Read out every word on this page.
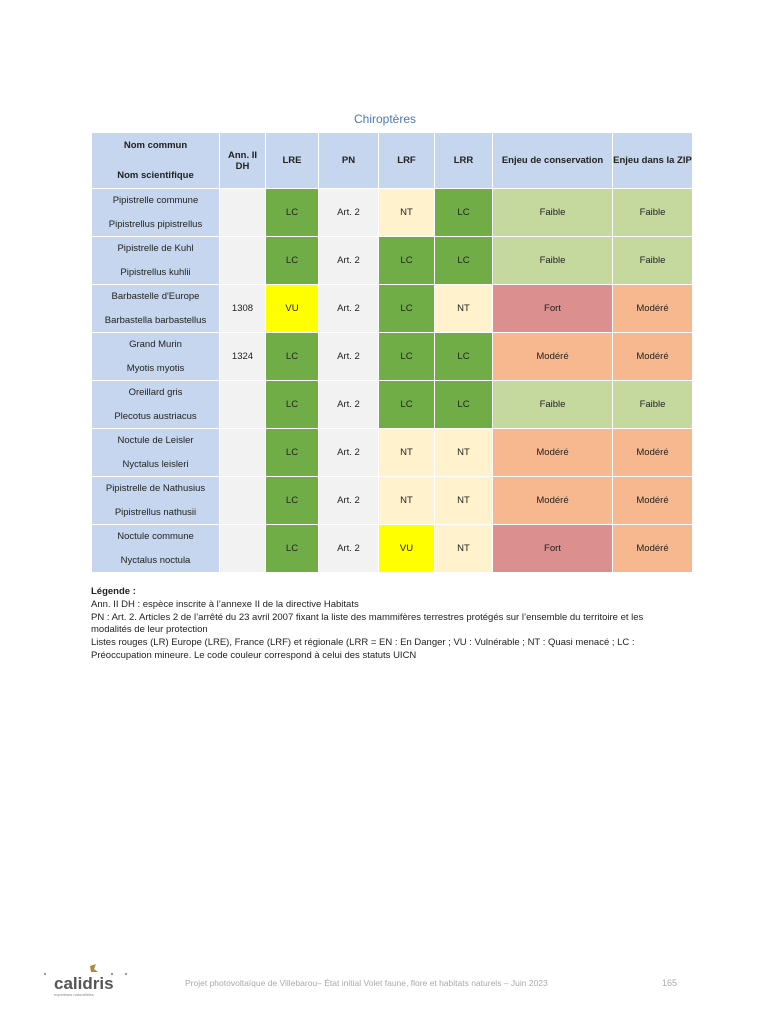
Chiroptères
Nom commun
Nom scientifique	Ann. II DH	LRE	PN	LRF	LRR	Enjeu de conservation	Enjeu dans la ZIP

Pipistrelle commune
Pipistrellus pipistrellus		LC	Art. 2	NT	LC	Faible	Faible

Pipistrelle de Kuhl
Pipistrellus kuhlii		LC	Art. 2	LC	LC	Faible	Faible

Barbastelle d'Europe
Barbastella barbastellus	1308	VU	Art. 2	LC	NT	Fort	Modéré

Grand Murin
Myotis myotis	1324	LC	Art. 2	LC	LC	Modéré	Modéré

Oreillard gris
Plecotus austriacus		LC	Art. 2	LC	LC	Faible	Faible

Noctule de Leisler
Nyctalus leisleri		LC	Art. 2	NT	NT	Modéré	Modéré

Pipistrelle de Nathusius
Pipistrellus nathusii		LC	Art. 2	NT	NT	Modéré	Modéré

Noctule commune
Nyctalus noctula		LC	Art. 2	VU	NT	Fort	Modéré
Légende :

Ann. II DH : espèce inscrite à l’annexe II de la directive Habitats

PN : Art. 2. Articles 2 de l’arrêté du 23 avril 2007 fixant la liste des mammifères terrestres protégés sur l’ensemble du territoire et les modalités de leur protection

Listes rouges (LR) Europe (LRE), France (LRF) et régionale (LRR = EN : En Danger ; VU : Vulnérable ; NT : Quasi menacé ; LC : Préoccupation mineure. Le code couleur correspond à celui des statuts UICN

calidris
expertises naturalistes
Projet photovoltaïque de Villebarou– État initial Volet faune, flore et habitats naturels – Juin 2023	165
